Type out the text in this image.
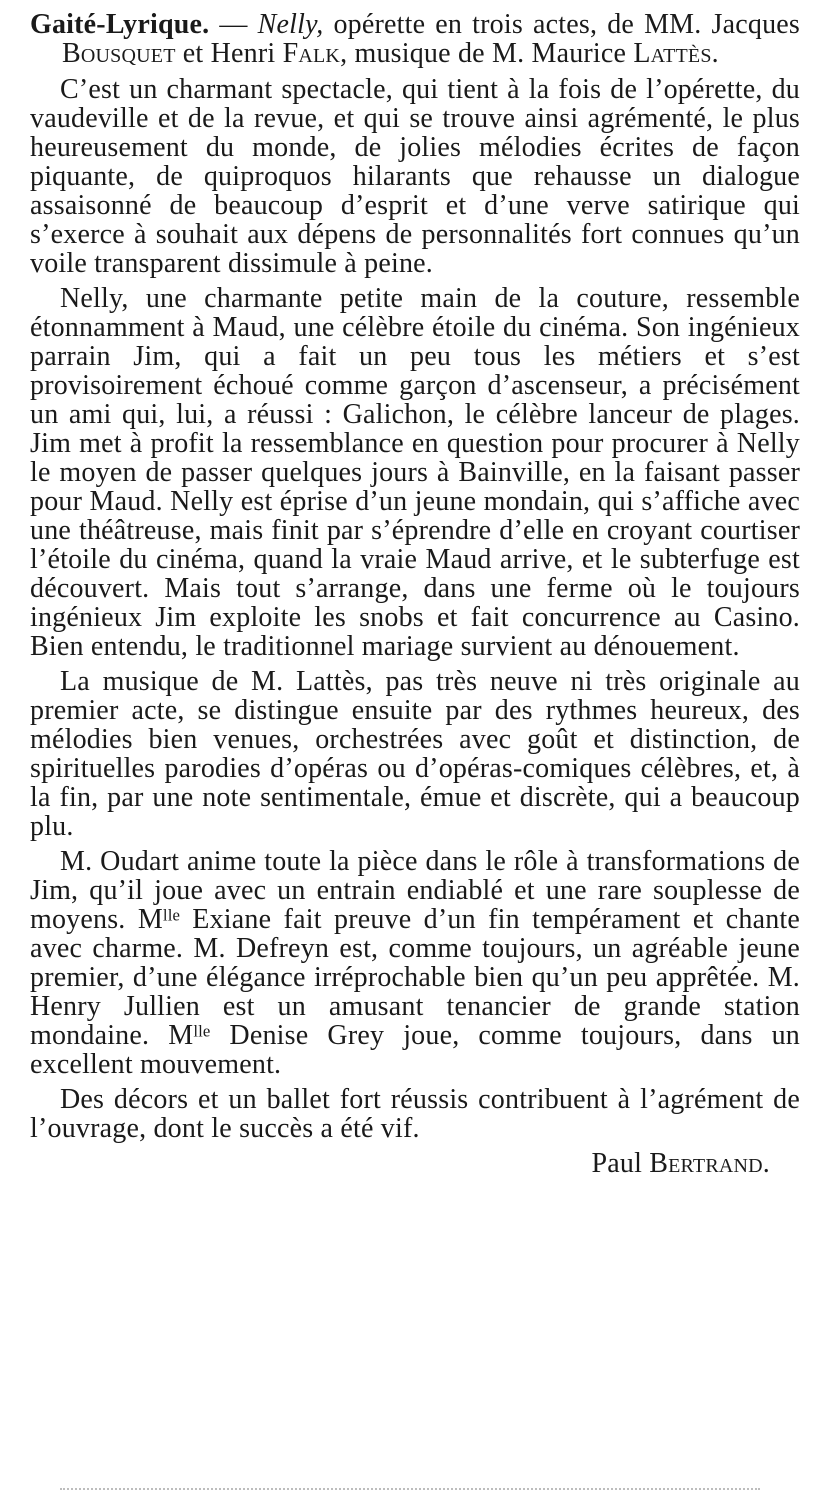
Gaité-Lyrique. — Nelly, opérette en trois actes, de MM. Jacques Bousquet et Henri Falk, musique de M. Maurice Lattès.

C’est un charmant spectacle, qui tient à la fois de l’opérette, du vaudeville et de la revue, et qui se trouve ainsi agrémenté, le plus heureusement du monde, de jolies mélodies écrites de façon piquante, de quiproquos hilarants que rehausse un dialogue assaisonné de beaucoup d’esprit et d’une verve satirique qui s’exerce à souhait aux dépens de personnalités fort connues qu’un voile transparent dissimule à peine.

Nelly, une charmante petite main de la couture, ressemble étonnamment à Maud, une célèbre étoile du cinéma. Son ingénieux parrain Jim, qui a fait un peu tous les métiers et s’est provisoirement échoué comme garçon d’ascenseur, a précisément un ami qui, lui, a réussi : Galichon, le célèbre lanceur de plages. Jim met à profit la ressemblance en question pour procurer à Nelly le moyen de passer quelques jours à Bainville, en la faisant passer pour Maud. Nelly est éprise d’un jeune mondain, qui s’affiche avec une théâtreuse, mais finit par s’éprendre d’elle en croyant courtiser l’étoile du cinéma, quand la vraie Maud arrive, et le subterfuge est découvert. Mais tout s’arrange, dans une ferme où le toujours ingénieux Jim exploite les snobs et fait concurrence au Casino. Bien entendu, le traditionnel mariage survient au dénouement.

La musique de M. Lattès, pas très neuve ni très originale au premier acte, se distingue ensuite par des rythmes heureux, des mélodies bien venues, orchestrées avec goût et distinction, de spirituelles parodies d’opéras ou d’opéras-comiques célèbres, et, à la fin, par une note sentimentale, émue et discrète, qui a beaucoup plu.

M. Oudart anime toute la pièce dans le rôle à transformations de Jim, qu’il joue avec un entrain endiablé et une rare souplesse de moyens. Mˡˡᵉ Exiane fait preuve d’un fin tempérament et chante avec charme. M. Defreyn est, comme toujours, un agréable jeune premier, d’une élégance irréprochable bien qu’un peu apprêtée. M. Henry Jullien est un amusant tenancier de grande station mondaine. Mˡˡᵉ Denise Grey joue, comme toujours, dans un excellent mouvement.

Des décors et un ballet fort réussis contribuent à l’agrément de l’ouvrage, dont le succès a été vif.

Paul Bertrand.
